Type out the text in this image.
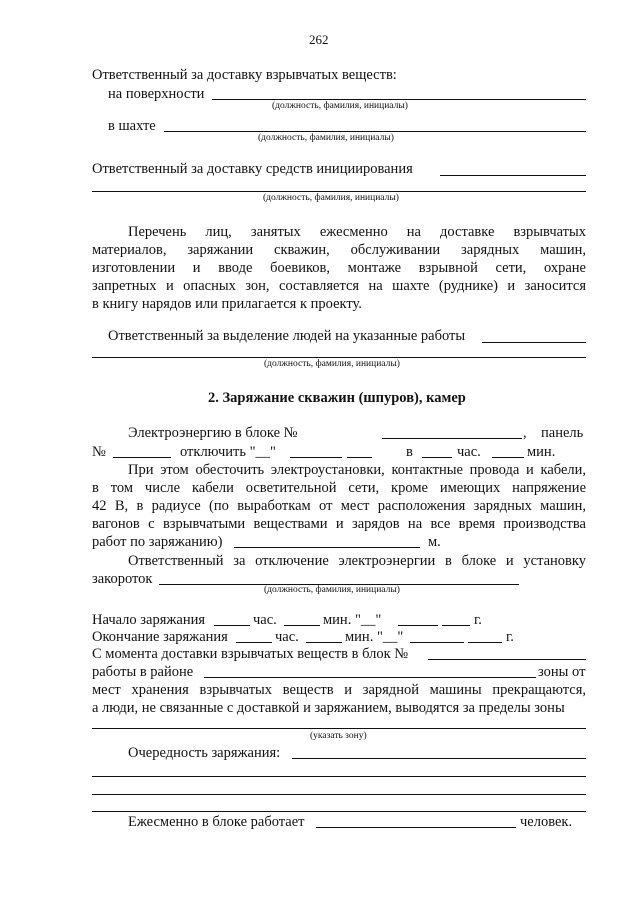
262
Ответственный за доставку взрывчатых веществ:
на поверхности
(должность, фамилия, инициалы)
в шахте
(должность, фамилия, инициалы)
Ответственный за доставку средств инициирования
(должность, фамилия, инициалы)
Перечень лиц, занятых ежесменно на доставке взрывчатых
материалов, заряжании скважин, обслуживании зарядных машин,
изготовлении и вводе боевиков, монтаже взрывной сети, охране
запретных и опасных зон, составляется на шахте (руднике) и заносится
в книгу нарядов или прилагается к проекту.
Ответственный за выделение людей на указанные работы
(должность, фамилия, инициалы)
2. Заряжание скважин (шпуров), камер
Электроэнергию в блоке №	, панель
№	отключить "__"	в	час.	мин.
При этом обесточить электроустановки, контактные провода и кабели,
в том числе кабели осветительной сети, кроме имеющих напряжение
42 В, в радиусе (по выработкам от мест расположения зарядных машин,
вагонов с взрывчатыми веществами и зарядов на все время производства
работ по заряжанию)	м.
Ответственный за отключение электроэнергии в блоке и установку
закороток
(должность, фамилия, инициалы)
Начало заряжания	час.	мин. "__"	г.
Окончание заряжания	час.	мин. "__"	г.
С момента доставки взрывчатых веществ в блок №
работы в районе	зоны от
мест хранения взрывчатых веществ и зарядной машины прекращаются,
а люди, не связанные с доставкой и заряжанием, выводятся за пределы зоны
(указать зону)
Очередность заряжания:
Ежесменно в блоке работает	человек.
